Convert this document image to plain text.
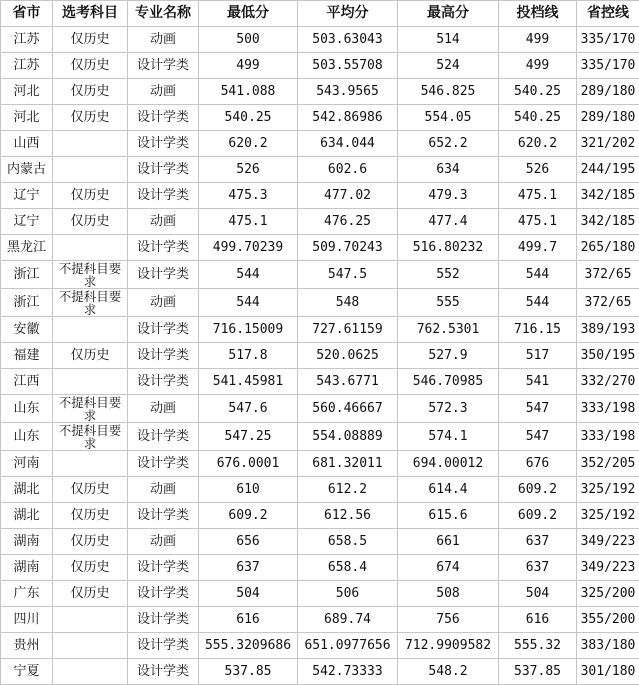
省市	选考科目	专业名称	最低分	平均分	最高分	投档线	省控线
江苏	仅历史	动画	500	503.63043	514	499	335/170
江苏	仅历史	设计学类	499	503.55708	524	499	335/170
河北	仅历史	动画	541.088	543.9565	546.825	540.25	289/180
河北	仅历史	设计学类	540.25	542.86986	554.05	540.25	289/180
山西		设计学类	620.2	634.044	652.2	620.2	321/202
内蒙古		设计学类	526	602.6	634	526	244/195
辽宁	仅历史	设计学类	475.3	477.02	479.3	475.1	342/185
辽宁	仅历史	动画	475.1	476.25	477.4	475.1	342/185
黑龙江		设计学类	499.70239	509.70243	516.80232	499.7	265/180
浙江	不提科目要求	设计学类	544	547.5	552	544	372/65
浙江	不提科目要求	动画	544	548	555	544	372/65
安徽		设计学类	716.15009	727.61159	762.5301	716.15	389/193
福建	仅历史	设计学类	517.8	520.0625	527.9	517	350/195
江西		设计学类	541.45981	543.6771	546.70985	541	332/270
山东	不提科目要求	动画	547.6	560.46667	572.3	547	333/198
山东	不提科目要求	设计学类	547.25	554.08889	574.1	547	333/198
河南		设计学类	676.0001	681.32011	694.00012	676	352/205
湖北	仅历史	动画	610	612.2	614.4	609.2	325/192
湖北	仅历史	设计学类	609.2	612.56	615.6	609.2	325/192
湖南	仅历史	动画	656	658.5	661	637	349/223
湖南	仅历史	设计学类	637	658.4	674	637	349/223
广东	仅历史	设计学类	504	506	508	504	325/200
四川		设计学类	616	689.74	756	616	355/200
贵州		设计学类	555.3209686	651.0977656	712.9909582	555.32	383/180
宁夏		设计学类	537.85	542.73333	548.2	537.85	301/180
